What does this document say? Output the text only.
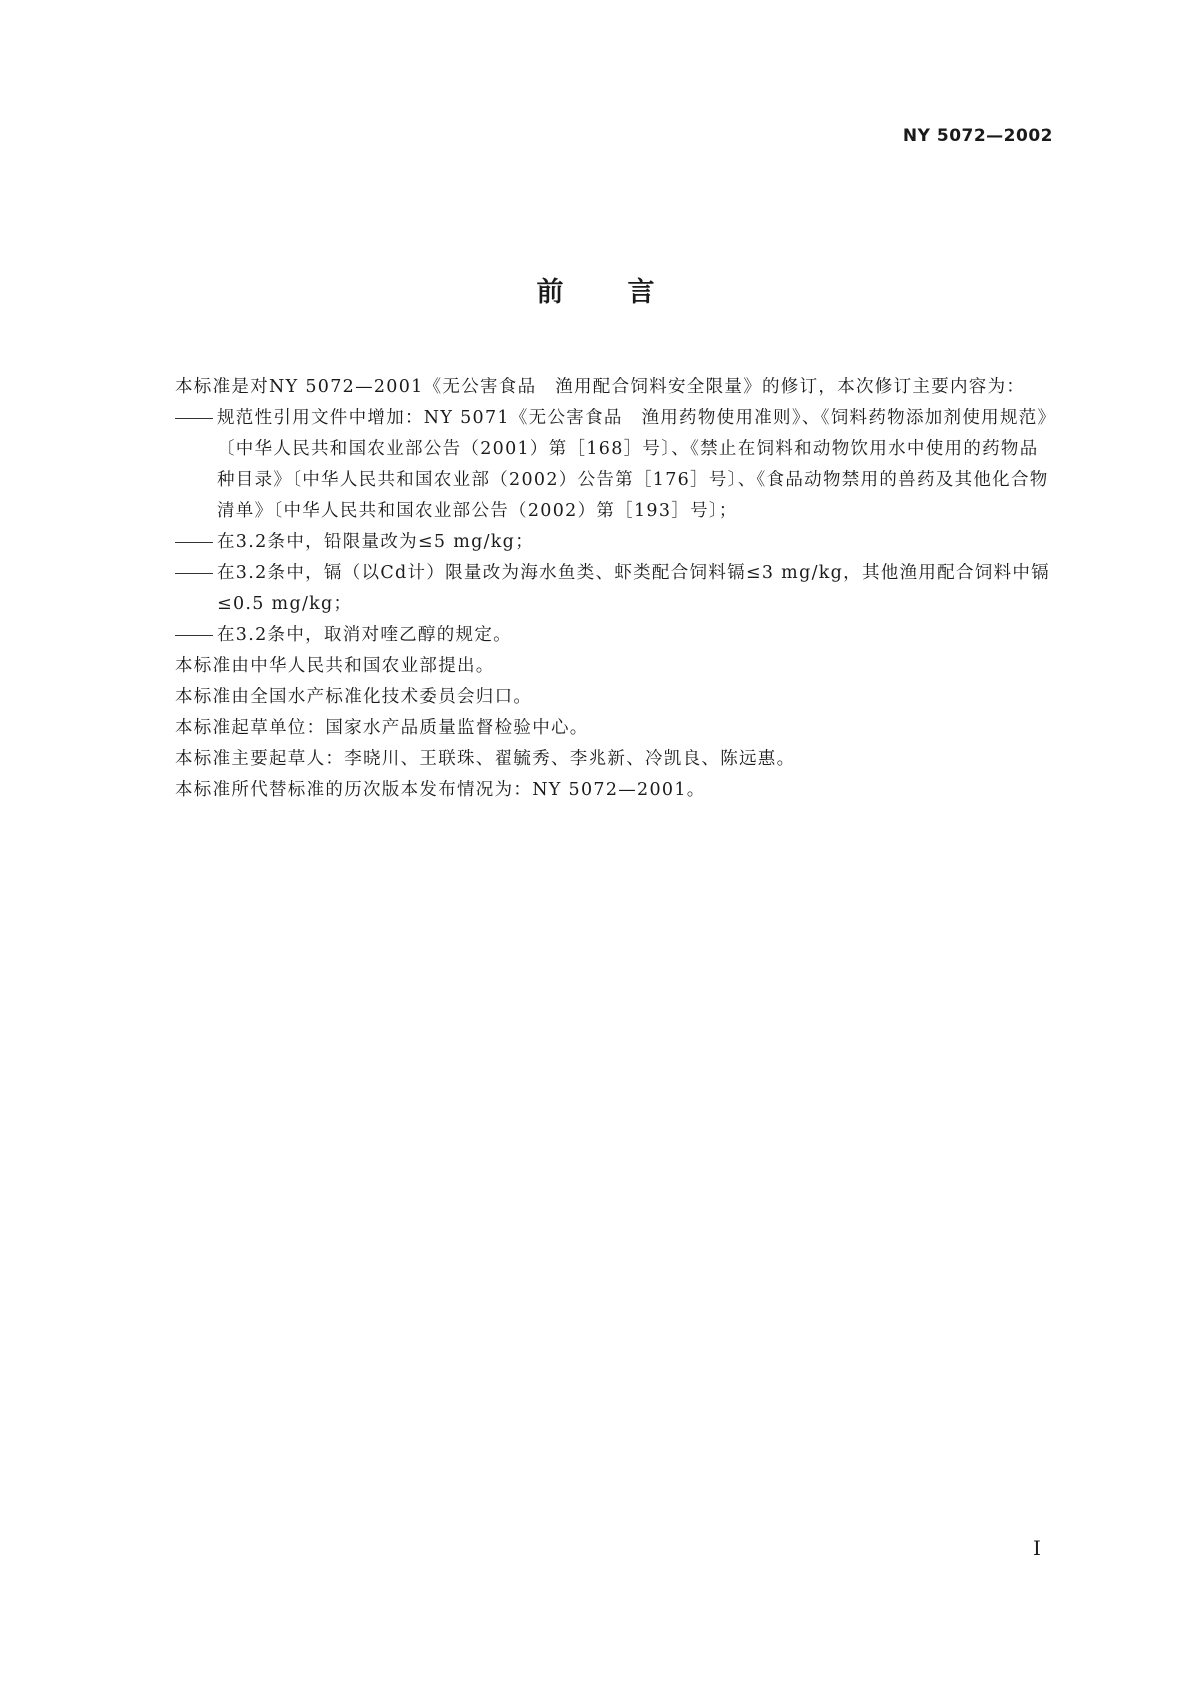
NY 5072—2002
前言

本标准是对NY 5072—2001《无公害食品　渔用配合饲料安全限量》的修订，本次修订主要内容为：

规范性引用文件中增加：NY 5071《无公害食品　渔用药物使用准则》、《饲料药物添加剂使用规范》〔中华人民共和国农业部公告（2001）第［168］号〕、《禁止在饲料和动物饮用水中使用的药物品种目录》〔中华人民共和国农业部（2002）公告第［176］号〕、《食品动物禁用的兽药及其他化合物清单》〔中华人民共和国农业部公告（2002）第［193］号〕；
在3.2条中，铅限量改为≤5 mg/kg；
在3.2条中，镉（以Cd计）限量改为海水鱼类、虾类配合饲料镉≤3 mg/kg，其他渔用配合饲料中镉≤0.5 mg/kg；
在3.2条中，取消对喹乙醇的规定。

本标准由中华人民共和国农业部提出。

本标准由全国水产标准化技术委员会归口。

本标准起草单位：国家水产品质量监督检验中心。

本标准主要起草人：李晓川、王联珠、翟毓秀、李兆新、冷凯良、陈远惠。

本标准所代替标准的历次版本发布情况为：NY 5072—2001。

I
